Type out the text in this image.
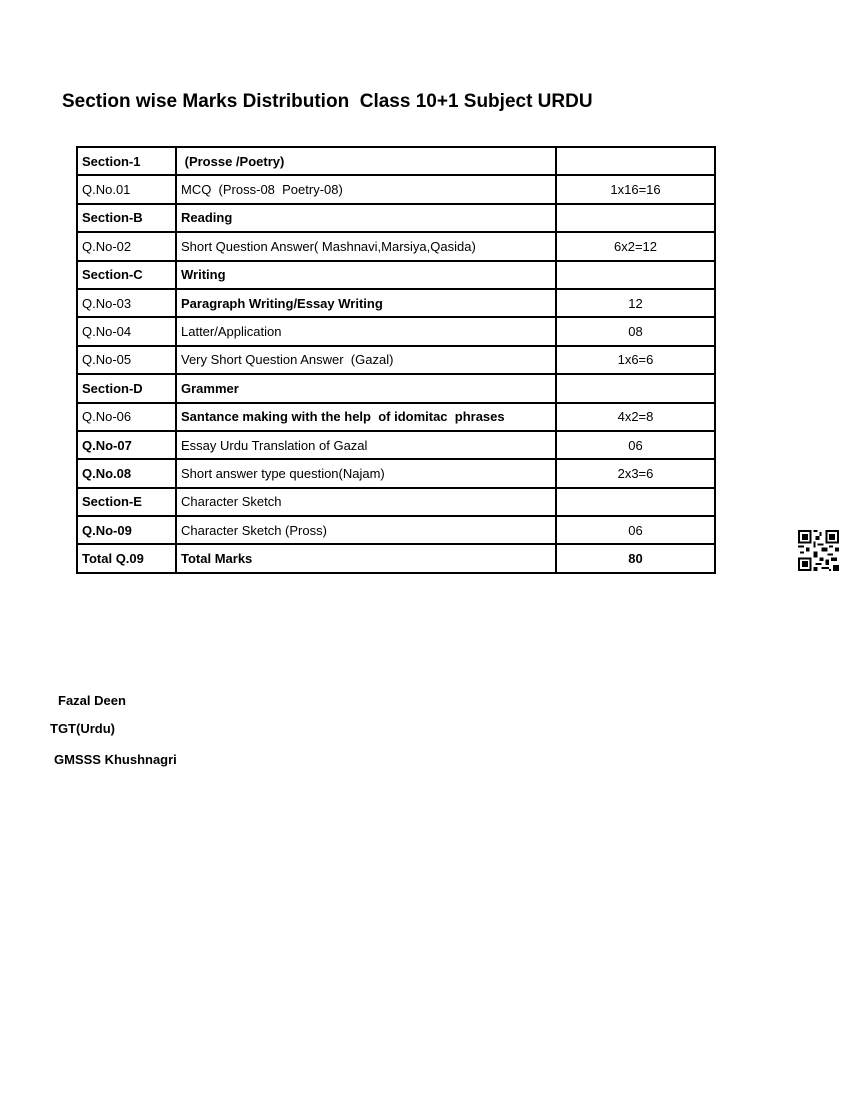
Section wise Marks Distribution  Class 10+1 Subject URDU
Section-1	(Prosse /Poetry)	
Q.No.01	MCQ  (Pross-08  Poetry-08)	1x16=16
Section-B	Reading	
Q.No-02	Short Question Answer( Mashnavi,Marsiya,Qasida)	6x2=12
Section-C	Writing	
Q.No-03	Paragraph Writing/Essay Writing	12
Q.No-04	Latter/Application	08
Q.No-05	Very Short Question Answer  (Gazal)	1x6=6
Section-D	Grammer	
Q.No-06	Santance making with the help  of idomitac  phrases	4x2=8
Q.No-07	Essay Urdu Translation of Gazal	06
Q.No.08	Short answer type question(Najam)	2x3=6
Section-E	Character Sketch	
Q.No-09	Character Sketch (Pross)	06
Total Q.09	Total Marks	80
Fazal Deen
TGT(Urdu)
GMSSS Khushnagri
